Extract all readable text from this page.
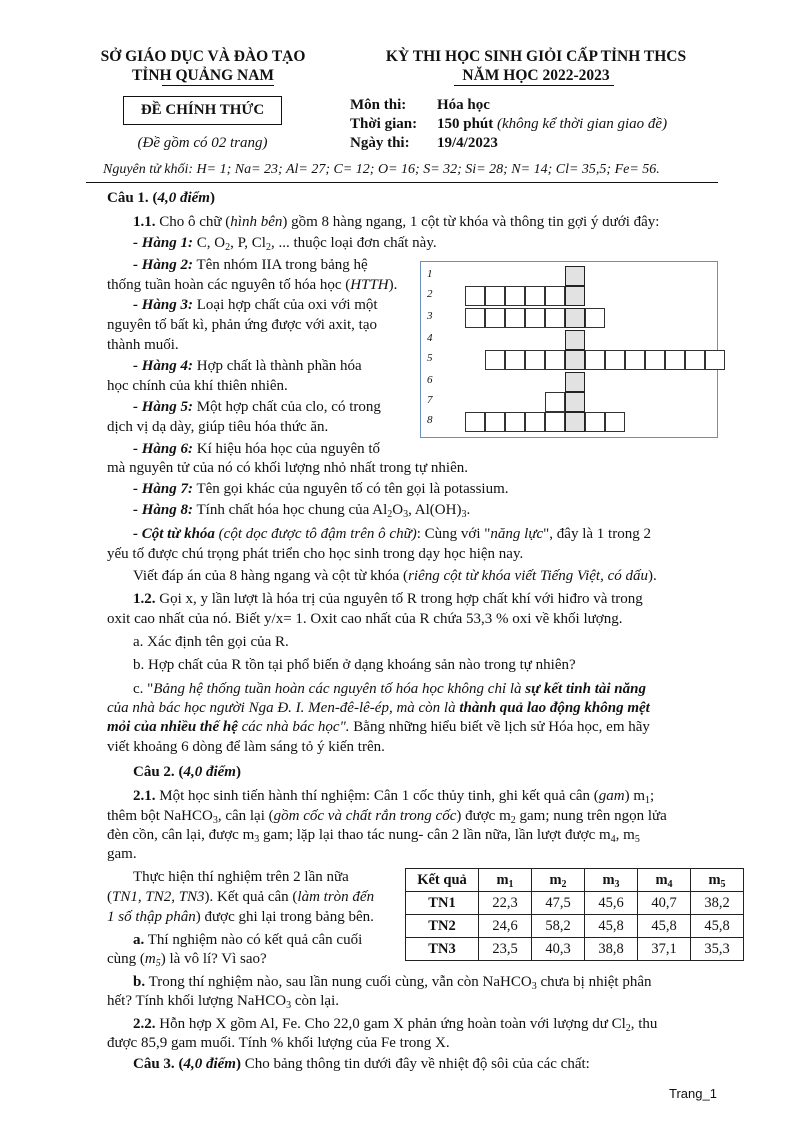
SỞ GIÁO DỤC VÀ ĐÀO TẠO
TỈNH QUẢNG NAM
KỲ THI HỌC SINH GIỎI CẤP TỈNH THCS
NĂM HỌC 2022-2023
ĐỀ CHÍNH THỨC
(Đề gồm có 02 trang)
Môn thi: Hóa học
Thời gian: 150 phút (không kể thời gian giao đề)
Ngày thi: 19/4/2023
Nguyên tử khối: H= 1; Na= 23; Al= 27; C= 12; O= 16; S= 32; Si= 28; N= 14; Cl= 35,5; Fe= 56.
Câu 1. (4,0 điểm)
1.1. Cho ô chữ (hình bên) gồm 8 hàng ngang, 1 cột từ khóa và thông tin gợi ý dưới đây:
- Hàng 1: C, $O_2$, P, $Cl_2$, ... thuộc loại đơn chất này.
- Hàng 2: Tên nhóm IIA trong bảng hệ
thống tuần hoàn các nguyên tố hóa học (HTTH).
- Hàng 3: Loại hợp chất của oxi với một
nguyên tố bất kì, phản ứng được với axit, tạo
thành muối.
- Hàng 4: Hợp chất là thành phần hóa
học chính của khí thiên nhiên.
- Hàng 5: Một hợp chất của clo, có trong
dịch vị dạ dày, giúp tiêu hóa thức ăn.
- Hàng 6: Kí hiệu hóa học của nguyên tố
mà nguyên tử của nó có khối lượng nhỏ nhất trong tự nhiên.
- Hàng 7: Tên gọi khác của nguyên tố có tên gọi là potassium.
- Hàng 8: Tính chất hóa học chung của $Al_2O_3$, $Al(OH)_3$.
- Cột từ khóa (cột dọc được tô đậm trên ô chữ): Cùng với "năng lực", đây là 1 trong 2
yếu tố được chú trọng phát triển cho học sinh trong dạy học hiện nay.
Viết đáp án của 8 hàng ngang và cột từ khóa (riêng cột từ khóa viết Tiếng Việt, có dấu).
1.2. Gọi x, y lần lượt là hóa trị của nguyên tố R trong hợp chất khí với hiđro và trong
oxit cao nhất của nó. Biết y/x= 1. Oxit cao nhất của R chứa 53,3 % oxi về khối lượng.
a. Xác định tên gọi của R.
b. Hợp chất của R tồn tại phổ biến ở dạng khoáng sản nào trong tự nhiên?
c. "Bảng hệ thống tuần hoàn các nguyên tố hóa học không chỉ là sự kết tinh tài năng
của nhà bác học người Nga Đ. I. Men-đê-lê-ép, mà còn là thành quả lao động không mệt
mỏi của nhiều thế hệ các nhà bác học". Bằng những hiểu biết về lịch sử Hóa học, em hãy
viết khoảng 6 dòng để làm sáng tỏ ý kiến trên.
1
2
3
4
5
6
7
8
Câu 2. (4,0 điểm)
2.1. Một học sinh tiến hành thí nghiệm: Cân 1 cốc thủy tinh, ghi kết quả cân (gam) $m_1$;
thêm bột NaHCO$_3$, cân lại (gồm cốc và chất rắn trong cốc) được $m_2$ gam; nung trên ngọn lửa
đèn cồn, cân lại, được $m_3$ gam; lặp lại thao tác nung- cân 2 lần nữa, lần lượt được $m_4$, $m_5$
gam.
Thực hiện thí nghiệm trên 2 lần nữa
(TN1, TN2, TN3). Kết quả cân (làm tròn đến
1 số thập phân) được ghi lại trong bảng bên.
a. Thí nghiệm nào có kết quả cân cuối
cùng $(m_5)$ là vô lí? Vì sao?
Kết quả	$m_1$	$m_2$	$m_3$	$m_4$	$m_5$
TN1	22,3	47,5	45,6	40,7	38,2
TN2	24,6	58,2	45,8	45,8	45,8
TN3	23,5	40,3	38,8	37,1	35,3
b. Trong thí nghiệm nào, sau lần nung cuối cùng, vẫn còn NaHCO$_3$ chưa bị nhiệt phân
hết? Tính khối lượng NaHCO$_3$ còn lại.
2.2. Hỗn hợp X gồm Al, Fe. Cho 22,0 gam X phản ứng hoàn toàn với lượng dư $Cl_2$, thu
được 85,9 gam muối. Tính % khối lượng của Fe trong X.
Câu 3. (4,0 điểm) Cho bảng thông tin dưới đây về nhiệt độ sôi của các chất:
Trang_1
